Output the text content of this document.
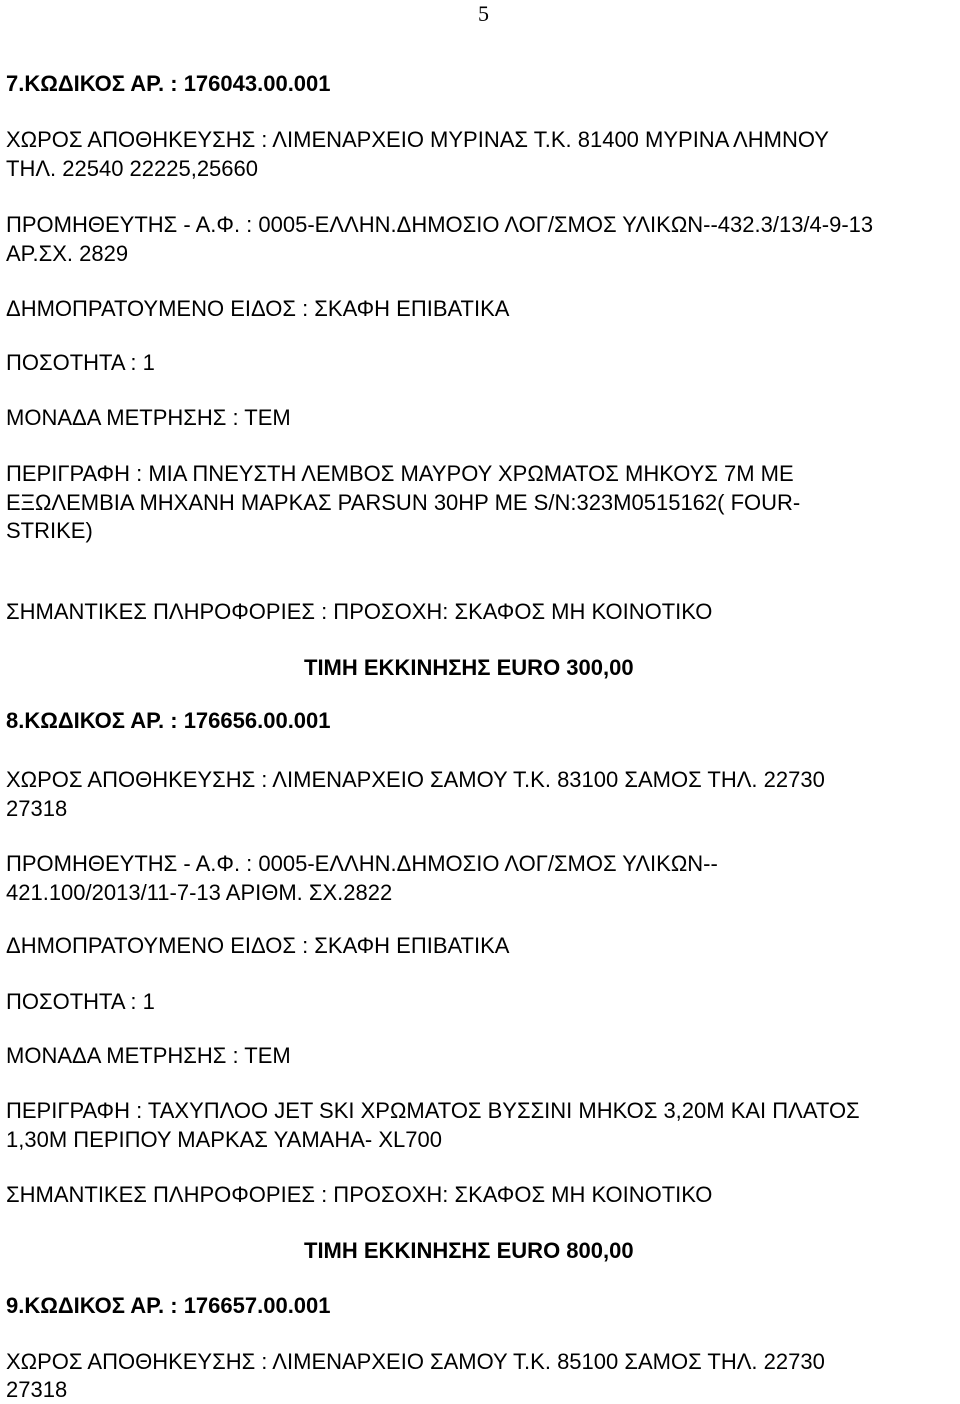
5

7.ΚΩΔΙΚΟΣ ΑΡ. : 176043.00.001

ΧΩΡΟΣ ΑΠΟΘΗΚΕΥΣΗΣ : ΛΙΜΕΝΑΡΧΕΙΟ ΜΥΡΙΝΑΣ Τ.Κ. 81400 ΜΥΡΙΝΑ ΛΗΜΝΟΥ

ΤΗΛ. 22540 22225,25660

ΠΡΟΜΗΘΕΥΤΗΣ - Α.Φ. : 0005-ΕΛΛΗΝ.ΔΗΜΟΣΙΟ ΛΟΓ/ΣΜΟΣ ΥΛΙΚΩΝ--432.3/13/4-9-13

ΑΡ.ΣΧ. 2829

ΔΗΜΟΠΡΑΤΟΥΜΕΝΟ ΕΙΔΟΣ : ΣΚΑΦΗ ΕΠΙΒΑΤΙΚΑ

ΠΟΣΟΤΗΤΑ : 1

ΜΟΝΑΔΑ ΜΕΤΡΗΣΗΣ : ΤΕΜ

ΠΕΡΙΓΡΑΦΗ : ΜΙΑ ΠΝΕΥΣΤΗ ΛΕΜΒΟΣ ΜΑΥΡΟΥ ΧΡΩΜΑΤΟΣ ΜΗΚΟΥΣ 7Μ ΜΕ

ΕΞΩΛΕΜΒΙΑ ΜΗΧΑΝΗ ΜΑΡΚΑΣ PARSUN 30HP ME S/N:323M0515162( FOUR-

STRIKE)

ΣΗΜΑΝΤΙΚΕΣ ΠΛΗΡΟΦΟΡΙΕΣ : ΠΡΟΣΟΧΗ: ΣΚΑΦΟΣ ΜΗ ΚΟΙΝΟΤΙΚΟ

ΤΙΜΗ ΕΚΚΙΝΗΣΗΣ EURO 300,00

8.ΚΩΔΙΚΟΣ ΑΡ. : 176656.00.001

ΧΩΡΟΣ ΑΠΟΘΗΚΕΥΣΗΣ : ΛΙΜΕΝΑΡΧΕΙΟ ΣΑΜΟΥ Τ.Κ. 83100 ΣΑΜΟΣ ΤΗΛ. 22730

27318

ΠΡΟΜΗΘΕΥΤΗΣ - Α.Φ. : 0005-ΕΛΛΗΝ.ΔΗΜΟΣΙΟ ΛΟΓ/ΣΜΟΣ ΥΛΙΚΩΝ--

421.100/2013/11-7-13 ΑΡΙΘΜ. ΣΧ.2822

ΔΗΜΟΠΡΑΤΟΥΜΕΝΟ ΕΙΔΟΣ : ΣΚΑΦΗ ΕΠΙΒΑΤΙΚΑ

ΠΟΣΟΤΗΤΑ : 1

ΜΟΝΑΔΑ ΜΕΤΡΗΣΗΣ : ΤΕΜ

ΠΕΡΙΓΡΑΦΗ : ΤΑΧΥΠΛΟΟ JET SKI ΧΡΩΜΑΤΟΣ ΒΥΣΣΙΝΙ ΜΗΚΟΣ 3,20Μ ΚΑΙ ΠΛΑΤΟΣ

1,30Μ ΠΕΡΙΠΟΥ ΜΑΡΚΑΣ ΥΑΜΑΗΑ- XL700

ΣΗΜΑΝΤΙΚΕΣ ΠΛΗΡΟΦΟΡΙΕΣ : ΠΡΟΣΟΧΗ: ΣΚΑΦΟΣ ΜΗ ΚΟΙΝΟΤΙΚΟ

ΤΙΜΗ ΕΚΚΙΝΗΣΗΣ EURO 800,00

9.ΚΩΔΙΚΟΣ ΑΡ. : 176657.00.001

ΧΩΡΟΣ ΑΠΟΘΗΚΕΥΣΗΣ : ΛΙΜΕΝΑΡΧΕΙΟ ΣΑΜΟΥ Τ.Κ. 85100 ΣΑΜΟΣ ΤΗΛ. 22730

27318
